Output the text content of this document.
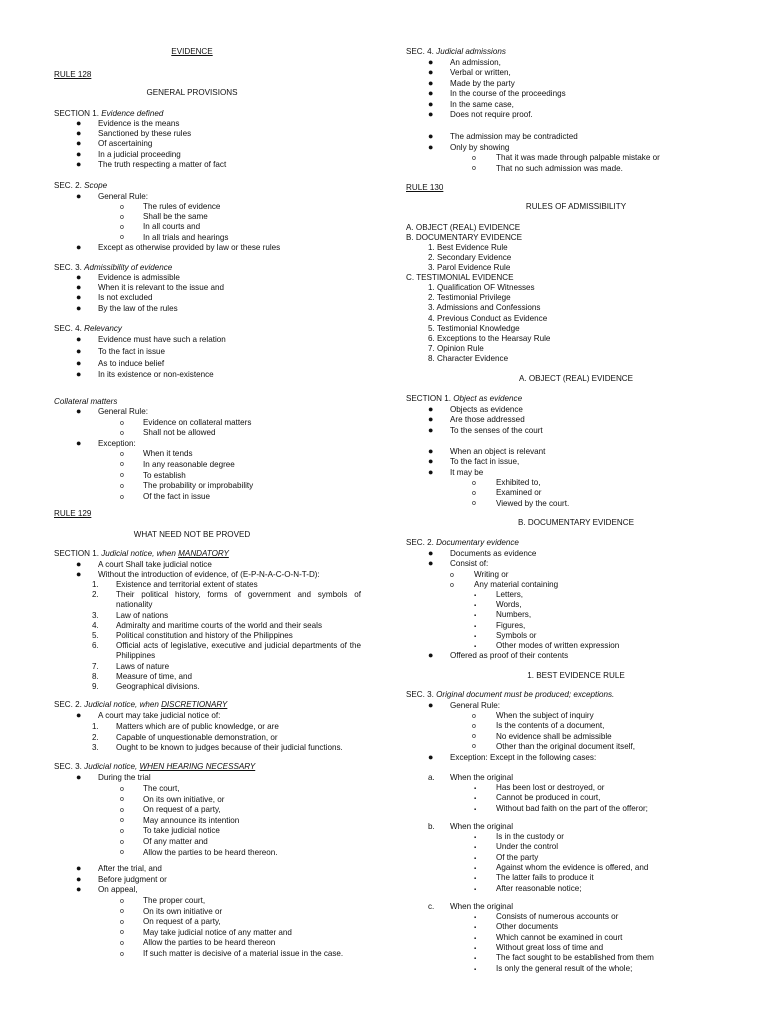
EVIDENCE
RULE 128
GENERAL PROVISIONS
SECTION 1. Evidence defined
● Evidence is the means
● Sanctioned by these rules
● Of ascertaining
● In a judicial proceeding
● The truth respecting a matter of fact
SEC. 2. Scope
● General Rule:
o The rules of evidence
o Shall be the same
o In all courts and
o In all trials and hearings
● Except as otherwise provided by law or these rules
SEC. 3. Admissibility of evidence
● Evidence is admissible
● When it is relevant to the issue and
● Is not excluded
● By the law of the rules
SEC. 4. Relevancy
● Evidence must have such a relation
● To the fact in issue
● As to induce belief
● In its existence or non-existence
Collateral matters
● General Rule:
o Evidence on collateral matters
o Shall not be allowed
● Exception:
o When it tends
o In any reasonable degree
o To establish
o The probability or improbability
o Of the fact in issue
RULE 129
WHAT NEED NOT BE PROVED
SECTION 1. Judicial notice, when MANDATORY
● A court Shall take judicial notice
● Without the introduction of evidence, of (E-P-N-A-C-O-N-T-D):
1. Existence and territorial extent of states
2. Their political history, forms of government and symbols of
nationality
3. Law of nations
4. Admiralty and maritime courts of the world and their seals
5. Political constitution and history of the Philippines
6. Official acts of legislative, executive and judicial departments of the
Philippines
7. Laws of nature
8. Measure of time, and
9. Geographical divisions.
SEC. 2. Judicial notice, when DISCRETIONARY
● A court may take judicial notice of:
1. Matters which are of public knowledge, or are
2. Capable of unquestionable demonstration, or
3. Ought to be known to judges because of their judicial functions.
SEC. 3. Judicial notice, WHEN HEARING NECESSARY
● During the trial
o The court,
o On its own initiative, or
o On request of a party,
o May announce its intention
o To take judicial notice
o Of any matter and
o Allow the parties to be heard thereon.
● After the trial, and
● Before judgment or
● On appeal,
o The proper court,
o On its own initiative or
o On request of a party,
o May take judicial notice of any matter and
o Allow the parties to be heard thereon
o If such matter is decisive of a material issue in the case.
SEC. 4. Judicial admissions
● An admission,
● Verbal or written,
● Made by the party
● In the course of the proceedings
● In the same case,
● Does not require proof.
● The admission may be contradicted
● Only by showing
o That it was made through palpable mistake or
o That no such admission was made.
RULE 130
RULES OF ADMISSIBILITY
A. OBJECT (REAL) EVIDENCE
B. DOCUMENTARY EVIDENCE
1. Best Evidence Rule
2. Secondary Evidence
3. Parol Evidence Rule
C. TESTIMONIAL EVIDENCE
1. Qualification OF Witnesses
2. Testimonial Privilege
3. Admissions and Confessions
4. Previous Conduct as Evidence
5. Testimonial Knowledge
6. Exceptions to the Hearsay Rule
7. Opinion Rule
8. Character Evidence
A. OBJECT (REAL) EVIDENCE
SECTION 1. Object as evidence
● Objects as evidence
● Are those addressed
● To the senses of the court
● When an object is relevant
● To the fact in issue,
● It may be
o Exhibited to,
o Examined or
o Viewed by the court.
B. DOCUMENTARY EVIDENCE
SEC. 2. Documentary evidence
● Documents as evidence
● Consist of:
o Writing or
o Any material containing
▪ Letters,
▪ Words,
▪ Numbers,
▪ Figures,
▪ Symbols or
▪ Other modes of written expression
● Offered as proof of their contents
1. BEST EVIDENCE RULE
SEC. 3. Original document must be produced; exceptions.
● General Rule:
o When the subject of inquiry
o Is the contents of a document,
o No evidence shall be admissible
o Other than the original document itself,
● Exception: Except in the following cases:
a. When the original
▪ Has been lost or destroyed, or
▪ Cannot be produced in court,
▪ Without bad faith on the part of the offeror;
b. When the original
▪ Is in the custody or
▪ Under the control
▪ Of the party
▪ Against whom the evidence is offered, and
▪ The latter fails to produce it
▪ After reasonable notice;
c. When the original
▪ Consists of numerous accounts or
▪ Other documents
▪ Which cannot be examined in court
▪ Without great loss of time and
▪ The fact sought to be established from them
▪ Is only the general result of the whole;
